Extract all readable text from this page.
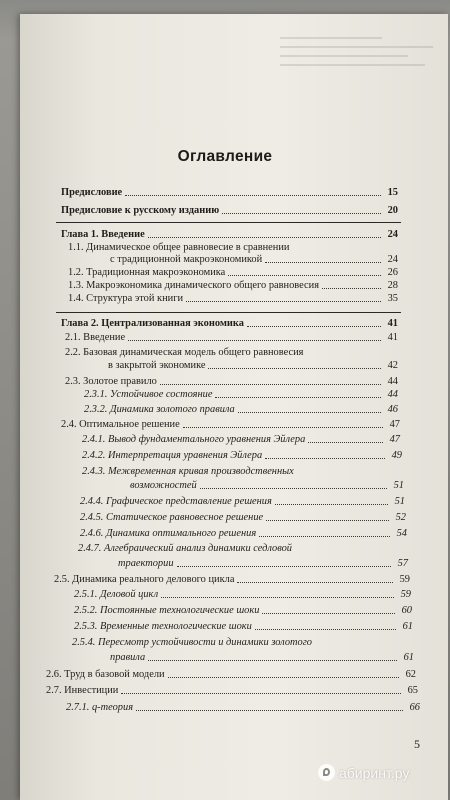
Оглавление
Предисловие	15
Предисловие к русскому изданию	20
Глава 1. Введение	24
1.1. Динамическое общее равновесие в сравнении
с традиционной макроэкономикой	24
1.2. Традиционная макроэкономика	26
1.3. Макроэкономика динамического общего равновесия	28
1.4. Структура этой книги	35
Глава 2. Централизованная экономика	41
2.1. Введение	41
2.2. Базовая динамическая модель общего равновесия
в закрытой экономике	42
2.3. Золотое правило	44
2.3.1. Устойчивое состояние	44
2.3.2. Динамика золотого правила	46
2.4. Оптимальное решение	47
2.4.1. Вывод фундаментального уравнения Эйлера	47
2.4.2. Интерпретация уравнения Эйлера	49
2.4.3. Межвременная кривая производственных
возможностей	51
2.4.4. Графическое представление решения	51
2.4.5. Статическое равновесное решение	52
2.4.6. Динамика оптимального решения	54
2.4.7. Алгебраический анализ динамики седловой
траектории	57
2.5. Динамика реального делового цикла	59
2.5.1. Деловой цикл	59
2.5.2. Постоянные технологические шоки	60
2.5.3. Временные технологические шоки	61
2.5.4. Пересмотр устойчивости и динамики золотого
правила	61
2.6. Труд в базовой модели	62
2.7. Инвестиции	65
2.7.1. q-теория	66
5
абиринт.ру
